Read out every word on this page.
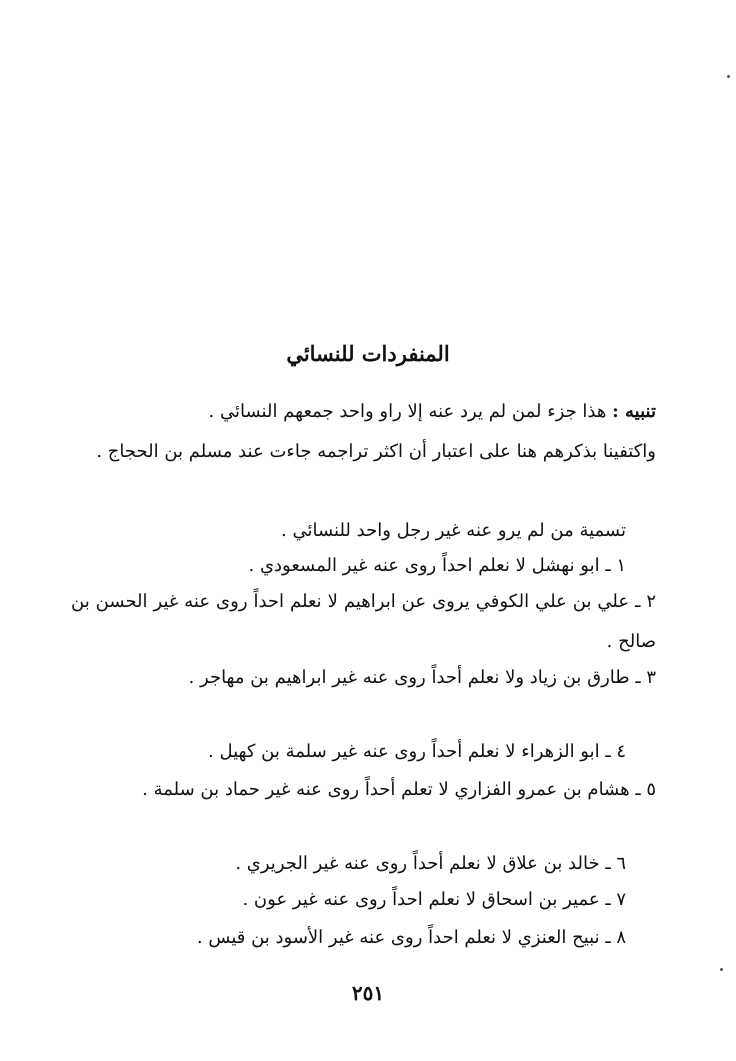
المنفردات للنسائي
تنبيه : هذا جزء لمن لم يرد عنه إلا راو واحد جمعهم النسائي .
واكتفينا بذكرهم هنا على اعتبار أن اكثر تراجمه جاءت عند مسلم بن الحجاج .
تسمية من لم يرو عنه غير رجل واحد للنسائي .
١ ـ ابو نهشل لا نعلم احداً روى عنه غير المسعودي .
٢ ـ علي بن علي الكوفي يروى عن ابراهيم لا نعلم احداً روى عنه غير الحسن بن صالح .
٣ ـ طارق بن زياد ولا نعلم أحداً روى عنه غير ابراهيم بن مهاجر .
٤ ـ ابو الزهراء لا نعلم أحداً روى عنه غير سلمة بن كهيل .
٥ ـ هشام بن عمرو الفزاري لا تعلم أحداً روى عنه غير حماد بن سلمة .
٦ ـ خالد بن علاق لا نعلم أحداً روى عنه غير الجريري .
٧ ـ عمير بن اسحاق لا نعلم احداً روى عنه غير عون .
٨ ـ نبيح العنزي لا نعلم احداً روى عنه غير الأسود بن قيس .
٢٥١
